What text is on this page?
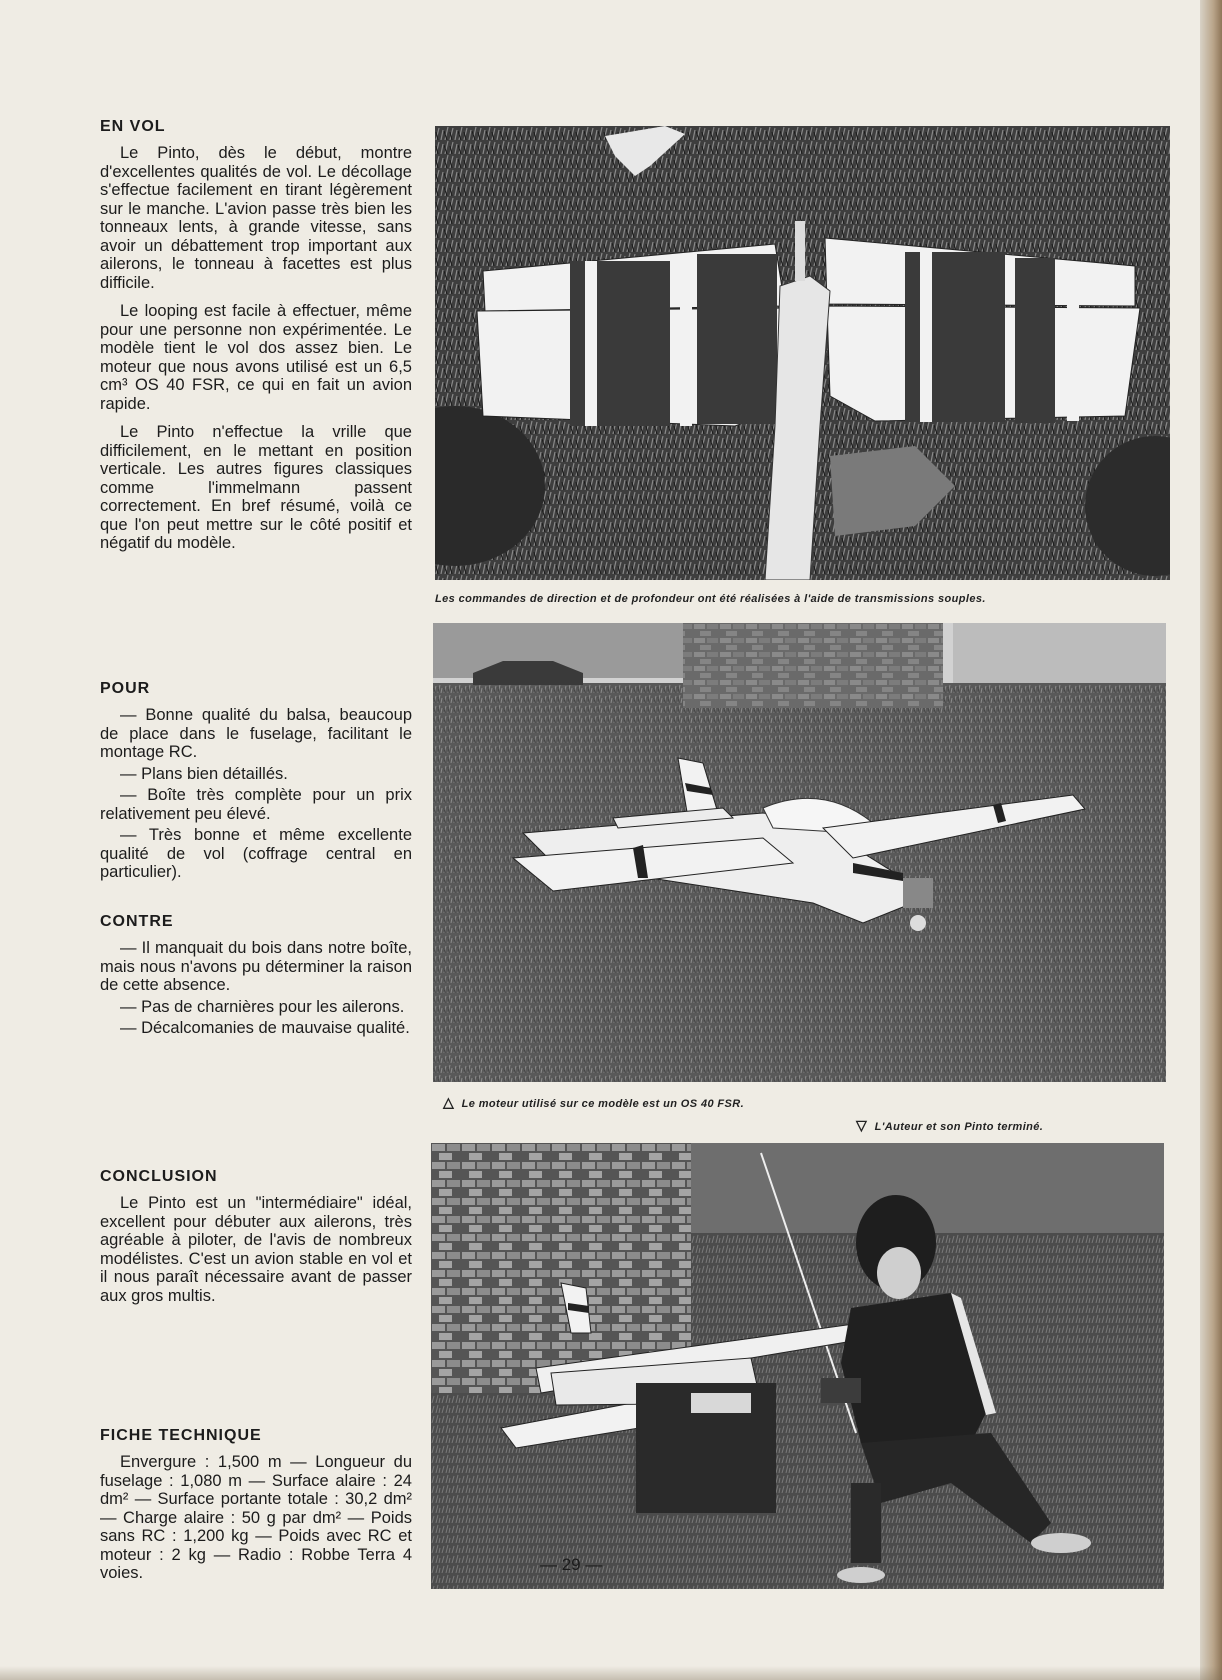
EN VOL

Le Pinto, dès le début, montre d'excellentes qualités de vol. Le décollage s'effectue facilement en tirant légèrement sur le manche. L'avion passe très bien les tonneaux lents, à grande vitesse, sans avoir un débattement trop important aux ailerons, le tonneau à facettes est plus difficile.

Le looping est facile à effectuer, même pour une personne non expérimentée. Le modèle tient le vol dos assez bien. Le moteur que nous avons utilisé est un 6,5 cm³ OS 40 FSR, ce qui en fait un avion rapide.

Le Pinto n'effectue la vrille que difficilement, en le mettant en position verticale. Les autres figures classiques comme l'immelmann passent correctement. En bref résumé, voilà ce que l'on peut mettre sur le côté positif et négatif du modèle.

POUR

— Bonne qualité du balsa, beaucoup de place dans le fuselage, facilitant le montage RC.

— Plans bien détaillés.

— Boîte très complète pour un prix relativement peu élevé.

— Très bonne et même excellente qualité de vol (coffrage central en particulier).

CONTRE

— Il manquait du bois dans notre boîte, mais nous n'avons pu déterminer la raison de cette absence.

— Pas de charnières pour les ailerons.

— Décalcomanies de mauvaise qualité.

CONCLUSION

Le Pinto est un "intermédiaire" idéal, excellent pour débuter aux ailerons, très agréable à piloter, de l'avis de nombreux modélistes. C'est un avion stable en vol et il nous paraît nécessaire avant de passer aux gros multis.

FICHE TECHNIQUE

Envergure : 1,500 m — Longueur du fuselage : 1,080 m — Surface alaire : 24 dm² — Surface portante totale : 30,2 dm² — Charge alaire : 50 g par dm² — Poids sans RC : 1,200 kg — Poids avec RC et moteur : 2 kg — Radio : Robbe Terra 4 voies.

Les commandes de direction et de profondeur ont été réalisées à l'aide de transmissions souples.
△ Le moteur utilisé sur ce modèle est un OS 40 FSR.
▽ L'Auteur et son Pinto terminé.
— 29 —
